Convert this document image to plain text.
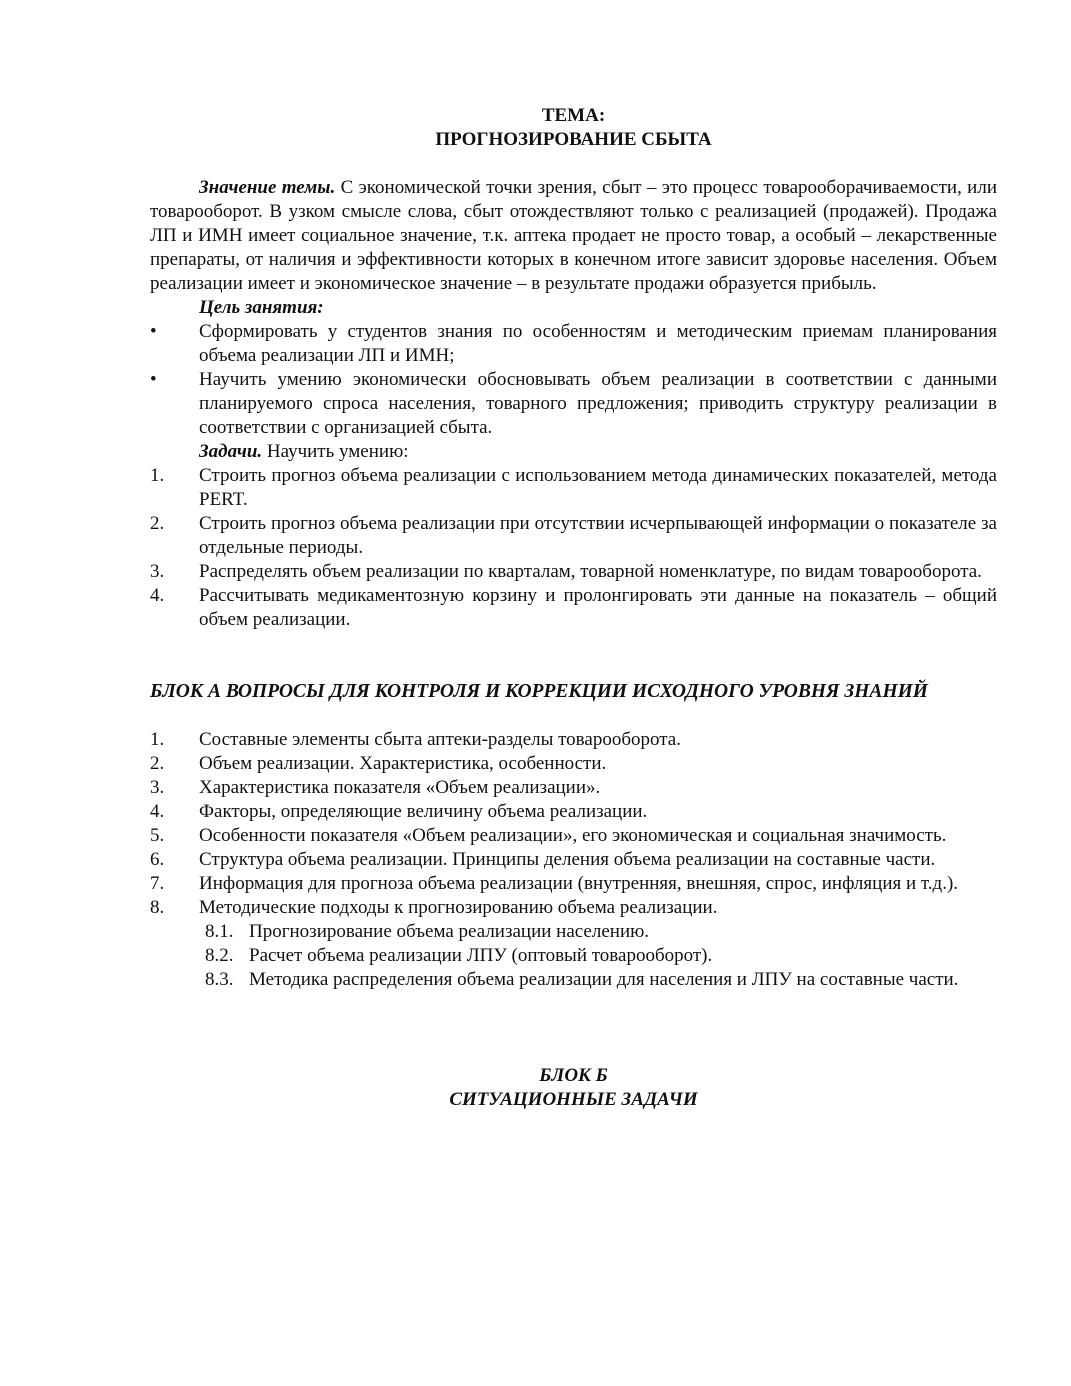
ТЕМА:
ПРОГНОЗИРОВАНИЕ СБЫТА

Значение темы. С экономической точки зрения, сбыт – это процесс товарооборачиваемости, или товарооборот. В узком смысле слова, сбыт отождествляют только с реализацией (продажей). Продажа ЛП и ИМН имеет социальное значение, т.к. аптека продает не просто товар, а особый – лекарственные препараты, от наличия и эффективности которых в конечном итоге зависит здоровье населения. Объем реализации имеет и экономическое значение – в результате продажи образуется прибыль.

Цель занятия:
•	Сформировать у студентов знания по особенностям и методическим приемам планирования объема реализации ЛП и ИМН;
•	Научить умению экономически обосновывать объем реализации в соответствии с данными планируемого спроса населения, товарного предложения; приводить структуру реализации в соответствии с организацией сбыта.
Задачи. Научить умению:
1.	Строить прогноз объема реализации с использованием метода динамических показателей, метода PERT.
2.	Строить прогноз объема реализации при отсутствии исчерпывающей информации о показателе за отдельные периоды.
3.	Распределять объем реализации по кварталам, товарной номенклатуре, по видам товарооборота.
4.	Рассчитывать медикаментозную корзину и пролонгировать эти данные на показатель – общий объем реализации.
БЛОК А ВОПРОСЫ ДЛЯ КОНТРОЛЯ И КОРРЕКЦИИ ИСХОДНОГО УРОВНЯ ЗНАНИЙ
1.	Составные элементы сбыта аптеки-разделы товарооборота.
2.	Объем реализации. Характеристика, особенности.
3.	Характеристика показателя «Объем реализации».
4.	Факторы, определяющие величину объема реализации.
5.	Особенности показателя «Объем реализации», его экономическая и социальная значимость.
6.	Структура объема реализации. Принципы деления объема реализации на составные части.
7.	Информация для прогноза объема реализации (внутренняя, внешняя, спрос, инфляция и т.д.).
8.	Методические подходы к прогнозированию объема реализации.
8.1. Прогнозирование объема реализации населению.
8.2. Расчет объема реализации ЛПУ (оптовый товарооборот).
8.3. Методика распределения объема реализации для населения и ЛПУ на составные части.
БЛОК Б
СИТУАЦИОННЫЕ ЗАДАЧИ
